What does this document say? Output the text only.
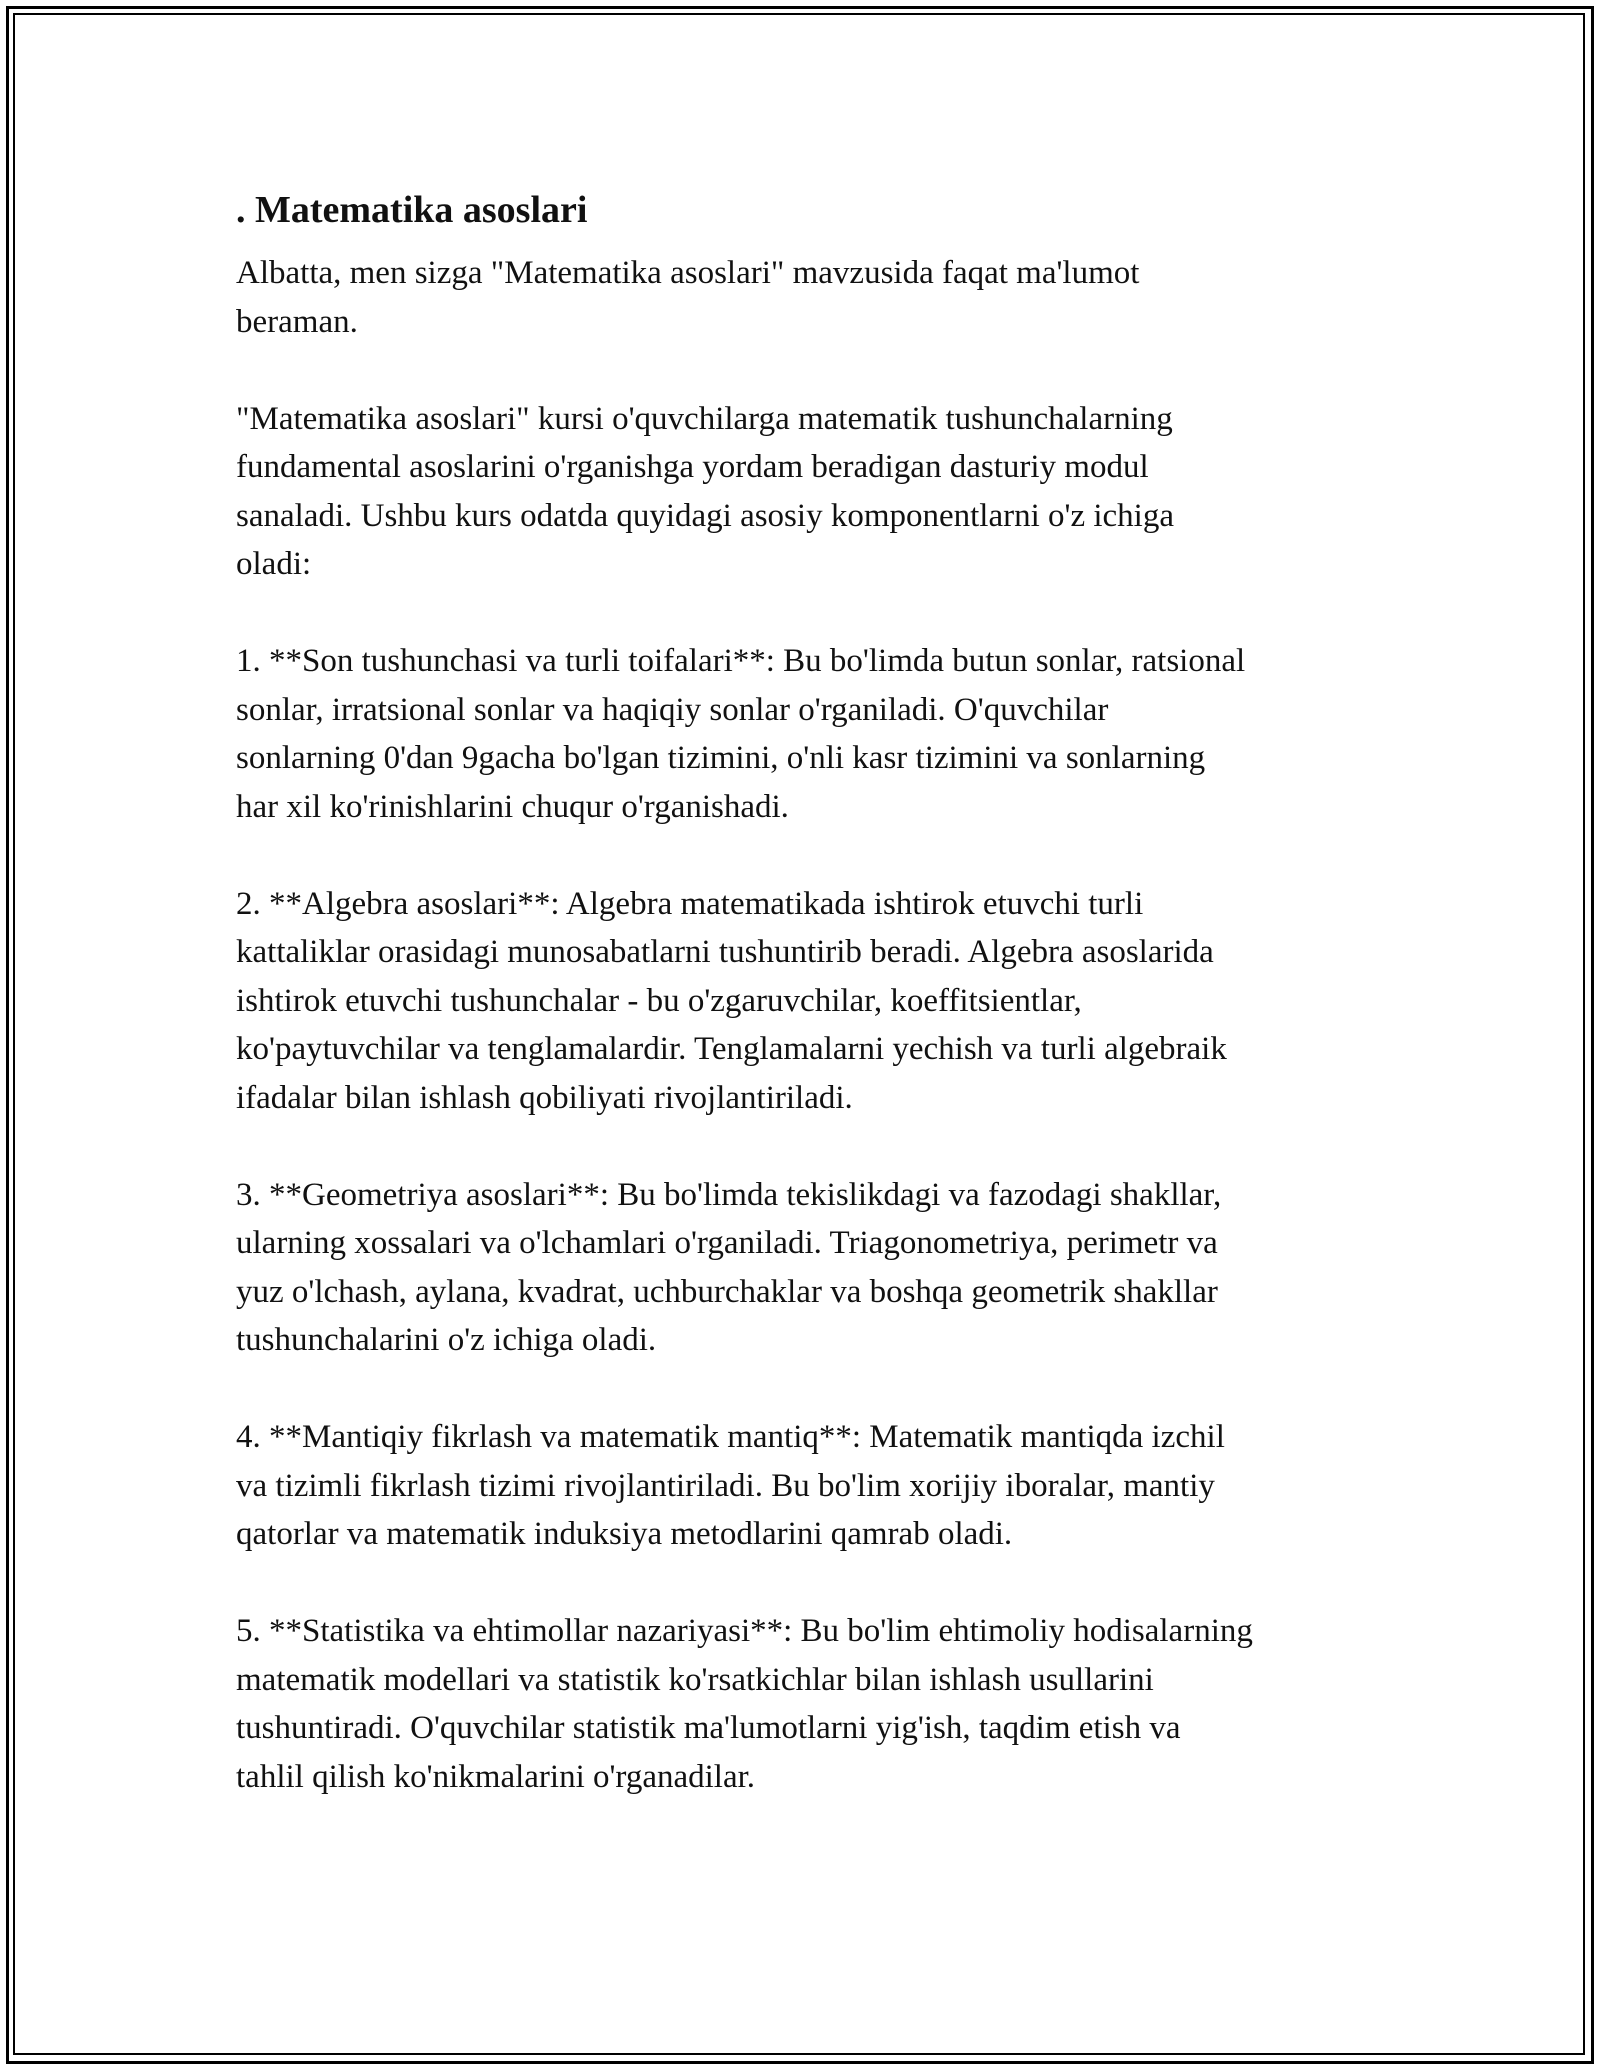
. Matematika asoslari
Albatta, men sizga "Matematika asoslari" mavzusida faqat ma'lumot
beraman.
"Matematika asoslari" kursi o'quvchilarga matematik tushunchalarning
fundamental asoslarini o'rganishga yordam beradigan dasturiy modul
sanaladi. Ushbu kurs odatda quyidagi asosiy komponentlarni o'z ichiga
oladi:
1. **Son tushunchasi va turli toifalari**: Bu bo'limda butun sonlar, ratsional
sonlar, irratsional sonlar va haqiqiy sonlar o'rganiladi. O'quvchilar
sonlarning 0'dan 9gacha bo'lgan tizimini, o'nli kasr tizimini va sonlarning
har xil ko'rinishlarini chuqur o'rganishadi.
2. **Algebra asoslari**: Algebra matematikada ishtirok etuvchi turli
kattaliklar orasidagi munosabatlarni tushuntirib beradi. Algebra asoslarida
ishtirok etuvchi tushunchalar - bu o'zgaruvchilar, koeffitsientlar,
ko'paytuvchilar va tenglamalardir. Tenglamalarni yechish va turli algebraik
ifadalar bilan ishlash qobiliyati rivojlantiriladi.
3. **Geometriya asoslari**: Bu bo'limda tekislikdagi va fazodagi shakllar,
ularning xossalari va o'lchamlari o'rganiladi. Triagonometriya, perimetr va
yuz o'lchash, aylana, kvadrat, uchburchaklar va boshqa geometrik shakllar
tushunchalarini o'z ichiga oladi.
4. **Mantiqiy fikrlash va matematik mantiq**: Matematik mantiqda izchil
va tizimli fikrlash tizimi rivojlantiriladi. Bu bo'lim xorijiy iboralar, mantiy
qatorlar va matematik induksiya metodlarini qamrab oladi.
5. **Statistika va ehtimollar nazariyasi**: Bu bo'lim ehtimoliy hodisalarning
matematik modellari va statistik ko'rsatkichlar bilan ishlash usullarini
tushuntiradi. O'quvchilar statistik ma'lumotlarni yig'ish, taqdim etish va
tahlil qilish ko'nikmalarini o'rganadilar.
